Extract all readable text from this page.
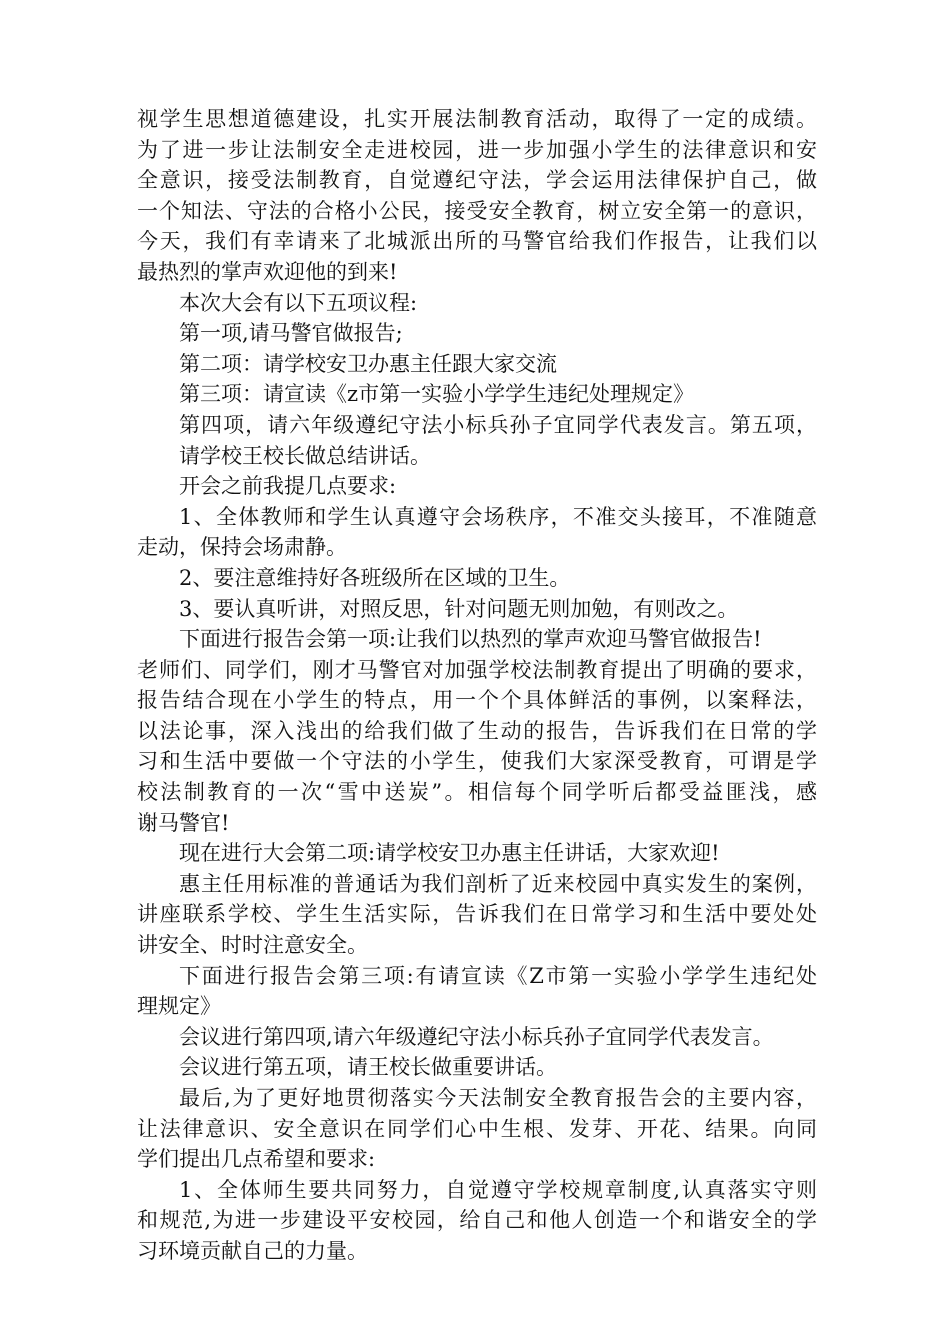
视学生思想道德建设，扎实开展法制教育活动，取得了一定的成绩。
为了进一步让法制安全走进校园，进一步加强小学生的法律意识和安
全意识，接受法制教育，自觉遵纪守法，学会运用法律保护自己，做
一个知法、守法的合格小公民，接受安全教育，树立安全第一的意识，
今天，我们有幸请来了北城派出所的马警官给我们作报告，让我们以
最热烈的掌声欢迎他的到来!
本次大会有以下五项议程:
第一项,请马警官做报告;
第二项：请学校安卫办惠主任跟大家交流
第三项：请宣读《z市第一实验小学学生违纪处理规定》
第四项，请六年级遵纪守法小标兵孙子宜同学代表发言。第五项，
请学校王校长做总结讲话。
开会之前我提几点要求:
1、全体教师和学生认真遵守会场秩序，不准交头接耳，不准随意
走动，保持会场肃静。
2、要注意维持好各班级所在区域的卫生。
3、要认真听讲，对照反思，针对问题无则加勉，有则改之。
下面进行报告会第一项:让我们以热烈的掌声欢迎马警官做报告!
老师们、同学们，刚才马警官对加强学校法制教育提出了明确的要求，
报告结合现在小学生的特点，用一个个具体鲜活的事例，以案释法，
以法论事，深入浅出的给我们做了生动的报告，告诉我们在日常的学
习和生活中要做一个守法的小学生，使我们大家深受教育，可谓是学
校法制教育的一次“雪中送炭”。相信每个同学听后都受益匪浅，感
谢马警官!
现在进行大会第二项:请学校安卫办惠主任讲话，大家欢迎!
惠主任用标准的普通话为我们剖析了近来校园中真实发生的案例，
讲座联系学校、学生生活实际，告诉我们在日常学习和生活中要处处
讲安全、时时注意安全。
下面进行报告会第三项:有请宣读《Z市第一实验小学学生违纪处
理规定》
会议进行第四项,请六年级遵纪守法小标兵孙子宜同学代表发言。
会议进行第五项，请王校长做重要讲话。
最后,为了更好地贯彻落实今天法制安全教育报告会的主要内容，
让法律意识、安全意识在同学们心中生根、发芽、开花、结果。向同
学们提出几点希望和要求:
1、全体师生要共同努力，自觉遵守学校规章制度,认真落实守则
和规范,为进一步建设平安校园，给自己和他人创造一个和谐安全的学
习环境贡献自己的力量。
